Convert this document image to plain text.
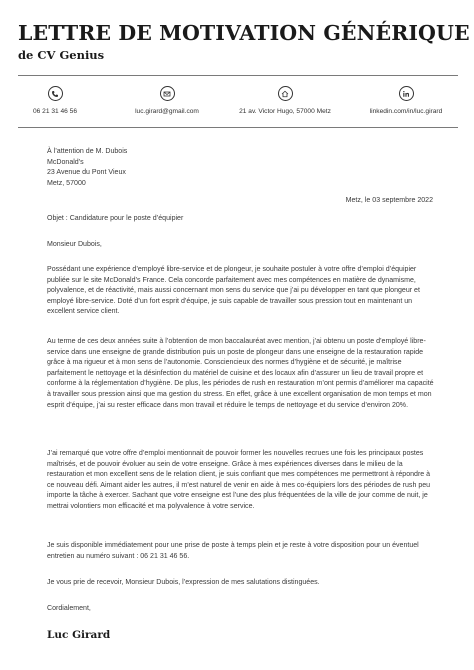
LETTRE DE MOTIVATION GÉNÉRIQUE
de CV Genius
06 21 31 46 56	luc.girard@gmail.com	21 av. Victor Hugo, 57000 Metz	linkedin.com/in/luc.girard
À l’attention de M. Dubois
McDonald’s
23 Avenue du Pont Vieux
Metz, 57000
Metz, le 03 septembre 2022
Objet : Candidature pour le poste d’équipier
Monsieur Dubois,
Possédant une expérience d’employé libre-service et de plongeur, je souhaite postuler à votre offre d’emploi d’équipier publiée sur le site McDonald’s France. Cela concorde parfaitement avec mes compétences en matière de dynamisme, polyvalence, et de réactivité, mais aussi concernant mon sens du service que j’ai pu développer en tant que plongeur et employé libre-service. Doté d’un fort esprit d’équipe, je suis capable de travailler sous pression tout en maintenant un excellent service client.
Au terme de ces deux années suite à l’obtention de mon baccalauréat avec mention, j’ai obtenu un poste d’employé libre-service dans une enseigne de grande distribution puis un poste de plongeur dans une enseigne de la restauration rapide grâce à ma rigueur et à mon sens de l’autonomie. Consciencieux des normes d’hygiène et de sécurité, je maîtrise parfaitement le nettoyage et la désinfection du matériel de cuisine et des locaux afin d’assurer un lieu de travail propre et conforme à la réglementation d’hygiène. De plus, les périodes de rush en restauration m’ont permis d’améliorer ma capacité à travailler sous pression ainsi que ma gestion du stress. En effet, grâce à une excellent organisation de mon temps et mon esprit d’équipe, j’ai su rester efficace dans mon travail et réduire le temps de nettoyage et du service d’environ 20%.
J’ai remarqué que votre offre d’emploi mentionnait de pouvoir former les nouvelles recrues une fois les principaux postes maîtrisés, et de pouvoir évoluer au sein de votre enseigne. Grâce à mes expériences diverses dans le milieu de la restauration et mon excellent sens de le relation client, je suis confiant que mes compétences me permettront à répondre à ce nouveau défi. Aimant aider les autres, il m’est naturel de venir en aide à mes co-équipiers lors des périodes de rush peu importe la tâche à exercer. Sachant que votre enseigne est l’une des plus fréquentées de la ville de jour comme de nuit, je mettrai volontiers mon efficacité et ma polyvalence à votre service.
Je suis disponible immédiatement pour une prise de poste à temps plein et je reste à votre disposition pour un éventuel entretien au numéro suivant : 06 21 31 46 56.
Je vous prie de recevoir, Monsieur Dubois, l’expression de mes salutations distinguées.
Cordialement,
Luc Girard
